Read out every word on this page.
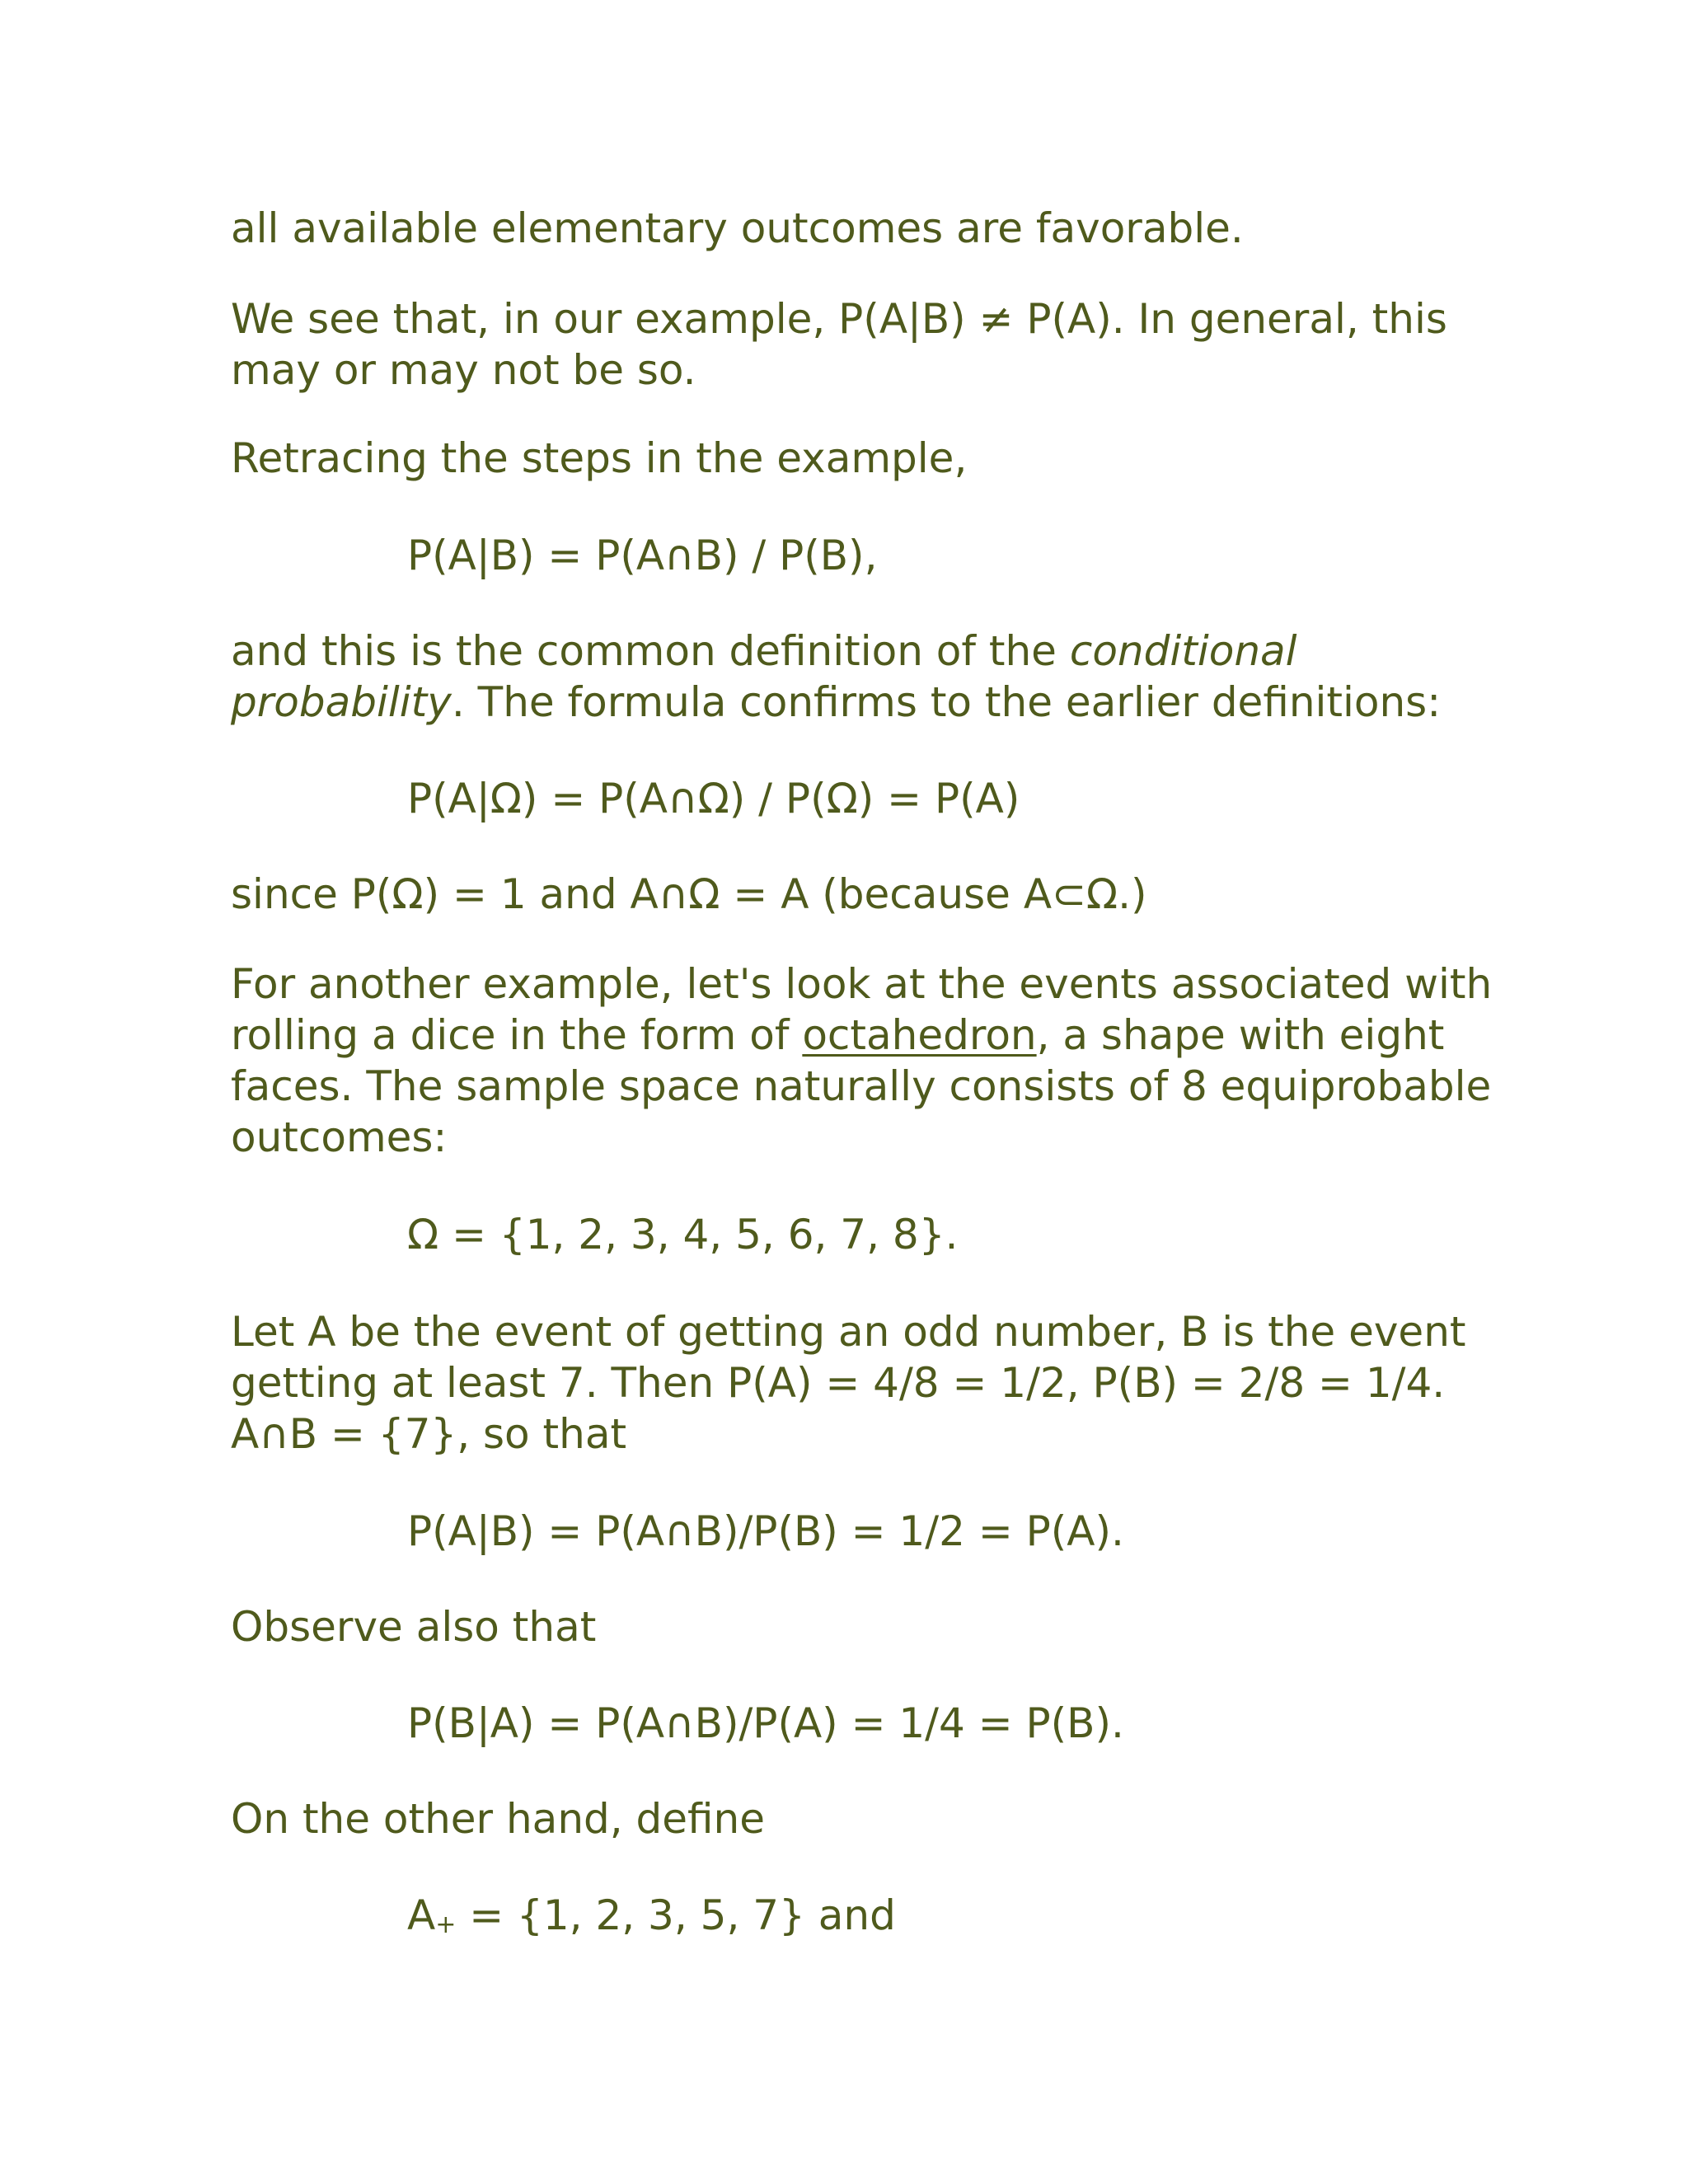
all available elementary outcomes are favorable.

We see that, in our example, P(A|B) ≠ P(A). In general, this

may or may not be so.

Retracing the steps in the example,

P(A|B) = P(A∩B) / P(B),

and this is the common definition of the conditional

probability. The formula confirms to the earlier definitions:

P(A|Ω) = P(A∩Ω) / P(Ω) = P(A)

since P(Ω) = 1 and A∩Ω = A (because A⊂Ω.)

For another example, let's look at the events associated with

rolling a dice in the form of octahedron, a shape with eight

faces. The sample space naturally consists of 8 equiprobable

outcomes:

Ω = {1, 2, 3, 4, 5, 6, 7, 8}.

Let A be the event of getting an odd number, B is the event

getting at least 7. Then P(A) = 4/8 = 1/2, P(B) = 2/8 = 1/4.

A∩B = {7}, so that

P(A|B) = P(A∩B)/P(B) = 1/2 = P(A).

Observe also that

P(B|A) = P(A∩B)/P(A) = 1/4 = P(B).

On the other hand, define

A+ = {1, 2, 3, 5, 7} and
